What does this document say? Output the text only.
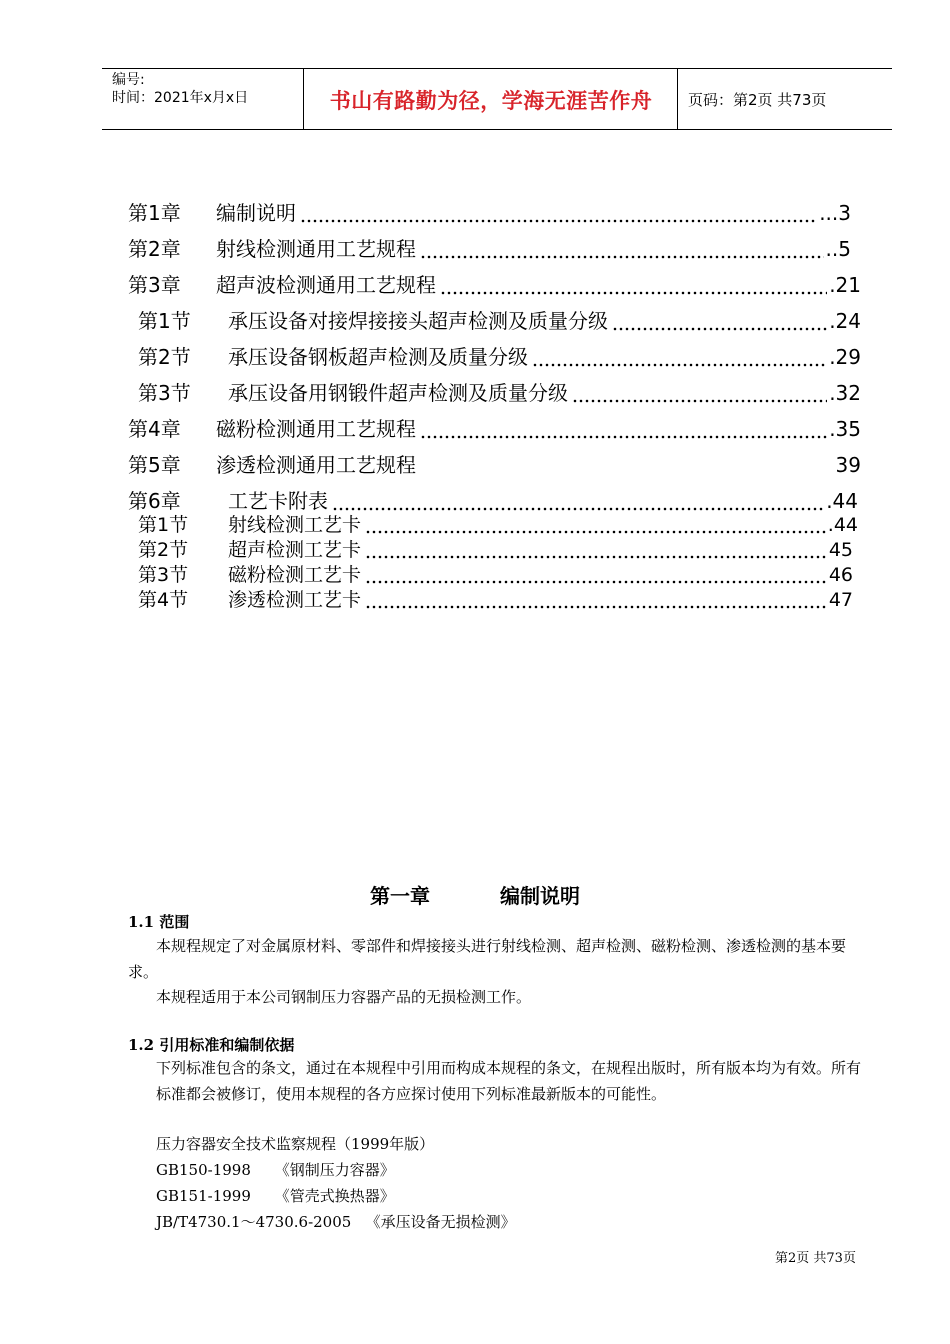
编号:
时间：2021年x月x日	书山有路勤为径，学海无涯苦作舟	页码：第2页 共73页
第1章	编制说明	...3
第2章	射线检测通用工艺规程	..5
第3章	超声波检测通用工艺规程	.21
第1节	承压设备对接焊接接头超声检测及质量分级	.24
第2节	承压设备钢板超声检测及质量分级	.29
第3节	承压设备用钢锻件超声检测及质量分级	.32
第4章	磁粉检测通用工艺规程	.35
第5章	渗透检测通用工艺规程	39
第6章	工艺卡附表	.44
第1节	射线检测工艺卡	.44
第2节	超声检测工艺卡	45
第3节	磁粉检测工艺卡	46
第4节	渗透检测工艺卡	47
第一章	编制说明
1.1 范围
本规程规定了对金属原材料、零部件和焊接接头进行射线检测、超声检测、磁粉检测、渗透检测的基本要求。
本规程适用于本公司钢制压力容器产品的无损检测工作。
1.2 引用标准和编制依据
下列标准包含的条文，通过在本规程中引用而构成本规程的条文，在规程出版时，所有版本均为有效。所有标准都会被修订，使用本规程的各方应探讨使用下列标准最新版本的可能性。
压力容器安全技术监察规程（1999年版）
GB150-1998     《钢制压力容器》
GB151-1999     《管壳式换热器》
JB/T4730.1～4730.6-2005   《承压设备无损检测》
第2页 共73页
